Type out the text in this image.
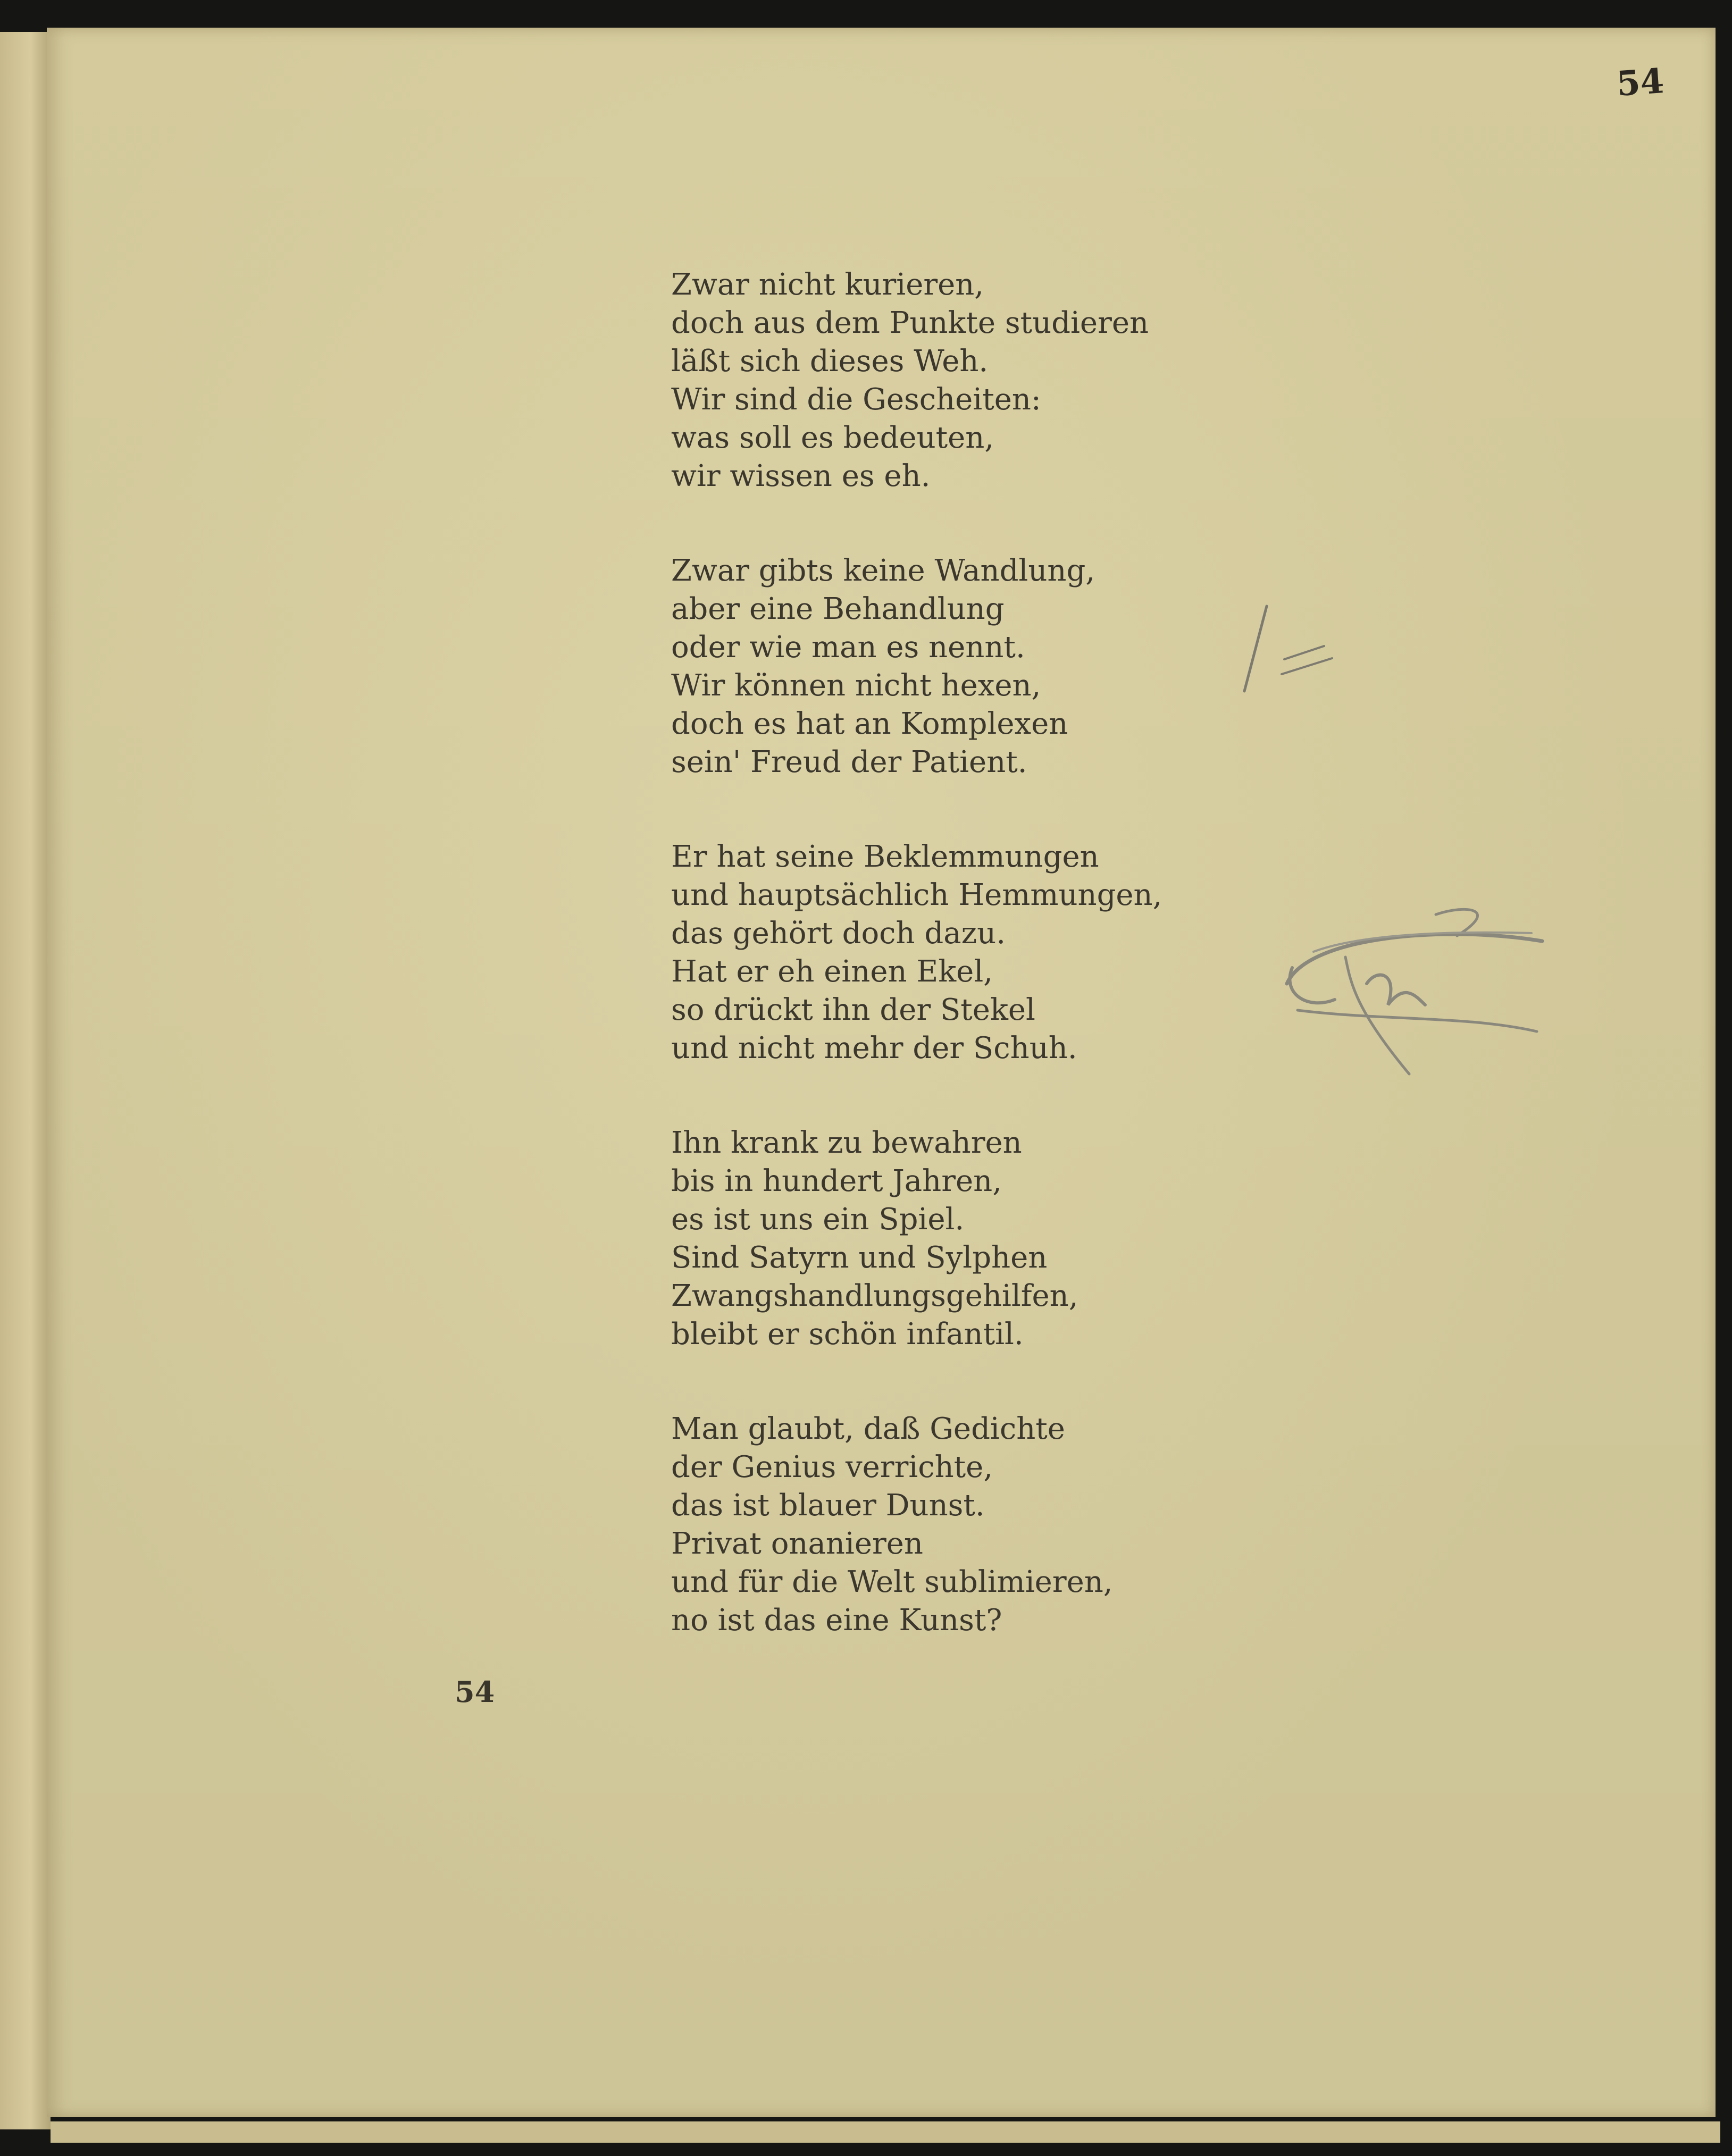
54
Zwar nicht kurieren,
doch aus dem Punkte studieren
läßt sich dieses Weh.
Wir sind die Gescheiten:
was soll es bedeuten,
wir wissen es eh.
Zwar gibts keine Wandlung,
aber eine Behandlung
oder wie man es nennt.
Wir können nicht hexen,
doch es hat an Komplexen
sein' Freud der Patient.
Er hat seine Beklemmungen
und hauptsächlich Hemmungen,
das gehört doch dazu.
Hat er eh einen Ekel,
so drückt ihn der Stekel
und nicht mehr der Schuh.
Ihn krank zu bewahren
bis in hundert Jahren,
es ist uns ein Spiel.
Sind Satyrn und Sylphen
Zwangshandlungsgehilfen,
bleibt er schön infantil.
Man glaubt, daß Gedichte
der Genius verrichte,
das ist blauer Dunst.
Privat onanieren
und für die Welt sublimieren,
no ist das eine Kunst?
54
